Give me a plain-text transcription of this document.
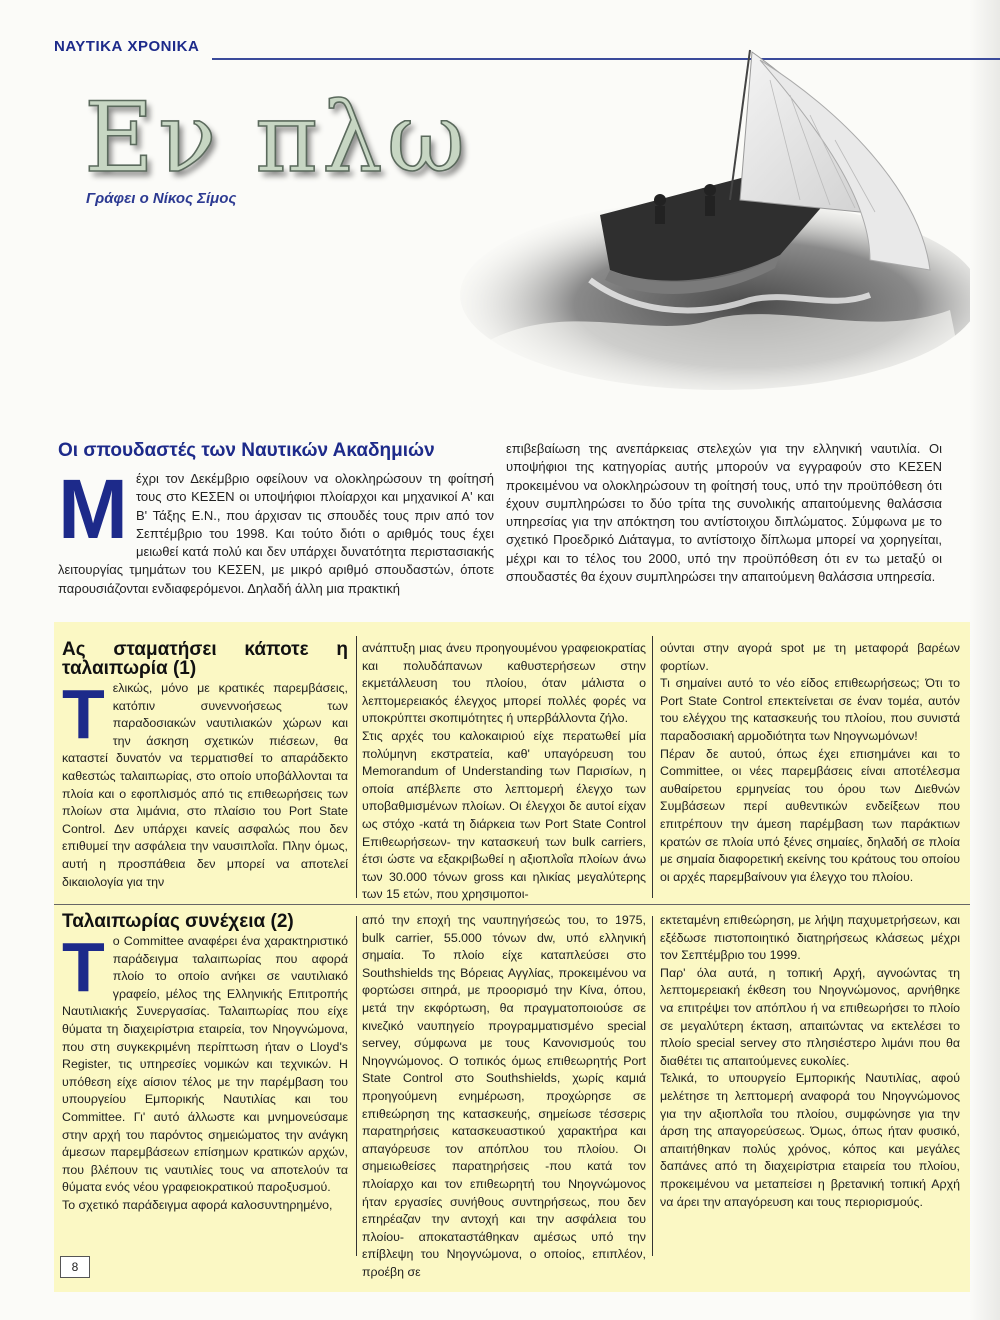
ΝΑΥΤΙΚΑ ΧΡΟΝΙΚΑ
Εν πλω
Γράφει ο Νίκος Σίμος
Οι σπουδαστές των Ναυτικών Ακαδημιών
Μ έχρι τον Δεκέμβριο οφείλουν να ολοκληρώσουν τη φοίτησή τους στο ΚΕΣΕΝ οι υποψήφιοι πλοίαρχοι και μηχανικοί Α' και Β' Τάξης Ε.Ν., που άρχισαν τις σπουδές τους πριν από τον Σεπτέμβριο του 1998. Και τούτο διότι ο αριθμός τους έχει μειωθεί κατά πολύ και δεν υπάρχει δυνατότητα περιστασιακής λειτουργίας τμημάτων του ΚΕΣΕΝ, με μικρό αριθμό σπουδαστών, όποτε παρουσιάζονται ενδιαφερόμενοι. Δηλαδή άλλη μια πρακτική
επιβεβαίωση της ανεπάρκειας στελεχών για την ελληνική ναυτιλία. Οι υποψήφιοι της κατηγορίας αυτής μπορούν να εγγραφούν στο ΚΕΣΕΝ προκειμένου να ολοκληρώσουν τη φοίτησή τους, υπό την προϋπόθεση ότι έχουν συμπληρώσει το δύο τρίτα της συνολικής απαιτούμενης θαλάσσια υπηρεσίας για την απόκτηση του αντίστοιχου διπλώματος. Σύμφωνα με το σχετικό Προεδρικό Διάταγμα, το αντίστοιχο δίπλωμα μπορεί να χορηγείται, μέχρι και το τέλος του 2000, υπό την προϋπόθεση ότι εν τω μεταξύ οι σπουδαστές θα έχουν συμπληρώσει την απαιτούμενη θαλάσσια υπηρεσία.
Ας σταματήσει κάποτε η ταλαιπωρία (1)
Τ ελικώς, μόνο με κρατικές παρεμβάσεις, κατόπιν συνεννοήσεως των παραδοσιακών ναυτιλιακών χώρων και την άσκηση σχετικών πιέσεων, θα καταστεί δυνατόν να τερματισθεί το απαράδεκτο καθεστώς ταλαιπωρίας, στο οποίο υποβάλλονται τα πλοία και ο εφοπλισμός από τις επιθεωρήσεις των πλοίων στα λιμάνια, στο πλαίσιο του Port State Control. Δεν υπάρχει κανείς ασφαλώς που δεν επιθυμεί την ασφάλεια την ναυσιπλοΐα. Πλην όμως, αυτή η προσπάθεια δεν μπορεί να αποτελεί δικαιολογία για την

ανάπτυξη μιας άνευ προηγουμένου γραφειοκρατίας και πολυδάπανων καθυστερήσεων στην εκμετάλλευση του πλοίου, όταν μάλιστα ο λεπτομερειακός έλεγχος μπορεί πολλές φορές να υποκρύπτει σκοπιμότητες ή υπερβάλλοντα ζήλο.

Στις αρχές του καλοκαιριού είχε περατωθεί μία πολύμηνη εκστρατεία, καθ' υπαγόρευση του Memorandum of Understanding των Παρισίων, η οποία απέβλεπε στο λεπτομερή έλεγχο των υποβαθμισμένων πλοίων. Οι έλεγχοι δε αυτοί είχαν ως στόχο -κατά τη διάρκεια των Port State Control Επιθεωρήσεων- την κατασκευή των bulk carriers, έτσι ώστε να εξακριβωθεί η αξιοπλοΐα πλοίων άνω των 30.000 τόνων gross και ηλικίας μεγαλύτερης των 15 ετών, που χρησιμοποι-

ούνται στην αγορά spot με τη μεταφορά βαρέων φορτίων.

Τι σημαίνει αυτό το νέο είδος επιθεωρήσεως; Ότι το Port State Control επεκτείνεται σε έναν τομέα, αυτόν του ελέγχου της κατασκευής του πλοίου, που συνιστά παραδοσιακή αρμοδιότητα των Νηογνωμόνων!

Πέραν δε αυτού, όπως έχει επισημάνει και το Committee, οι νέες παρεμβάσεις είναι αποτέλεσμα αυθαίρετου ερμηνείας του όρου των Διεθνών Συμβάσεων περί αυθεντικών ενδείξεων που επιτρέπουν την άμεση παρέμβαση των παράκτιων κρατών σε πλοία υπό ξένες σημαίες, δηλαδή σε πλοία με σημαία διαφορετική εκείνης του κράτους του οποίου οι αρχές παρεμβαίνουν για έλεγχο του πλοίου.

Ταλαιπωρίας συνέχεια (2)
Τ ο Committee αναφέρει ένα χαρακτηριστικό παράδειγμα ταλαιπωρίας που αφορά πλοίο το οποίο ανήκει σε ναυτιλιακό γραφείο, μέλος της Ελληνικής Επιτροπής Ναυτιλιακής Συνεργασίας. Ταλαιπωρίας που είχε θύματα τη διαχειρίστρια εταιρεία, τον Νηογνώμονα, που στη συγκεκριμένη περίπτωση ήταν ο Lloyd's Register, τις υπηρεσίες νομικών και τεχνικών. Η υπόθεση είχε αίσιον τέλος με την παρέμβαση του υπουργείου Εμπορικής Ναυτιλίας και του Committee. Γι' αυτό άλλωστε και μνημονεύσαμε στην αρχή του παρόντος σημειώματος την ανάγκη άμεσων παρεμβάσεων επίσημων κρατικών αρχών, που βλέπουν τις ναυτιλίες τους να αποτελούν τα θύματα ενός νέου γραφειοκρατικού παροξυσμού.

Το σχετικό παράδειγμα αφορά καλοσυντηρημένο,

από την εποχή της ναυπηγήσεώς του, το 1975, bulk carrier, 55.000 τόνων dw, υπό ελληνική σημαία. Το πλοίο είχε καταπλεύσει στο Southshields της Βόρειας Αγγλίας, προκειμένου να φορτώσει σιτηρά, με προορισμό την Κίνα, όπου, μετά την εκφόρτωση, θα πραγματοποιούσε σε κινεζικό ναυπηγείο προγραμματισμένο special servey, σύμφωνα με τους Κανονισμούς του Νηογνώμονος. Ο τοπικός όμως επιθεωρητής Port State Control στο Southshields, χωρίς καμιά προηγούμενη ενημέρωση, προχώρησε σε επιθεώρηση της κατασκευής, σημείωσε τέσσερις παρατηρήσεις κατασκευαστικού χαρακτήρα και απαγόρευσε τον απόπλου του πλοίου. Οι σημειωθείσες παρατηρήσεις -που κατά τον πλοίαρχο και τον επιθεωρητή του Νηογνώμονος ήταν εργασίες συνήθους συντηρήσεως, που δεν επηρέαζαν την αντοχή και την ασφάλεια του πλοίου- αποκαταστάθηκαν αμέσως υπό την επίβλεψη του Νηογνώμονα, ο οποίος, επιπλέον, προέβη σε

εκτεταμένη επιθεώρηση, με λήψη παχυμετρήσεων, και εξέδωσε πιστοποιητικό διατηρήσεως κλάσεως μέχρι τον Σεπτέμβριο του 1999.

Παρ' όλα αυτά, η τοπική Αρχή, αγνοώντας τη λεπτομερειακή έκθεση του Νηογνώμονος, αρνήθηκε να επιτρέψει τον απόπλου ή να επιθεωρήσει το πλοίο σε μεγαλύτερη έκταση, απαιτώντας να εκτελέσει το πλοίο special servey στο πλησιέστερο λιμάνι που θα διαθέτει τις απαιτούμενες ευκολίες.

Τελικά, το υπουργείο Εμπορικής Ναυτιλίας, αφού μελέτησε τη λεπτομερή αναφορά του Νηογνώμονος για την αξιοπλοΐα του πλοίου, συμφώνησε για την άρση της απαγορεύσεως. Όμως, όπως ήταν φυσικό, απαιτήθηκαν πολύς χρόνος, κόπος και μεγάλες δαπάνες από τη διαχειρίστρια εταιρεία του πλοίου, προκειμένου να μεταπείσει η βρετανική τοπική Αρχή να άρει την απαγόρευση και τους περιορισμούς.

8
